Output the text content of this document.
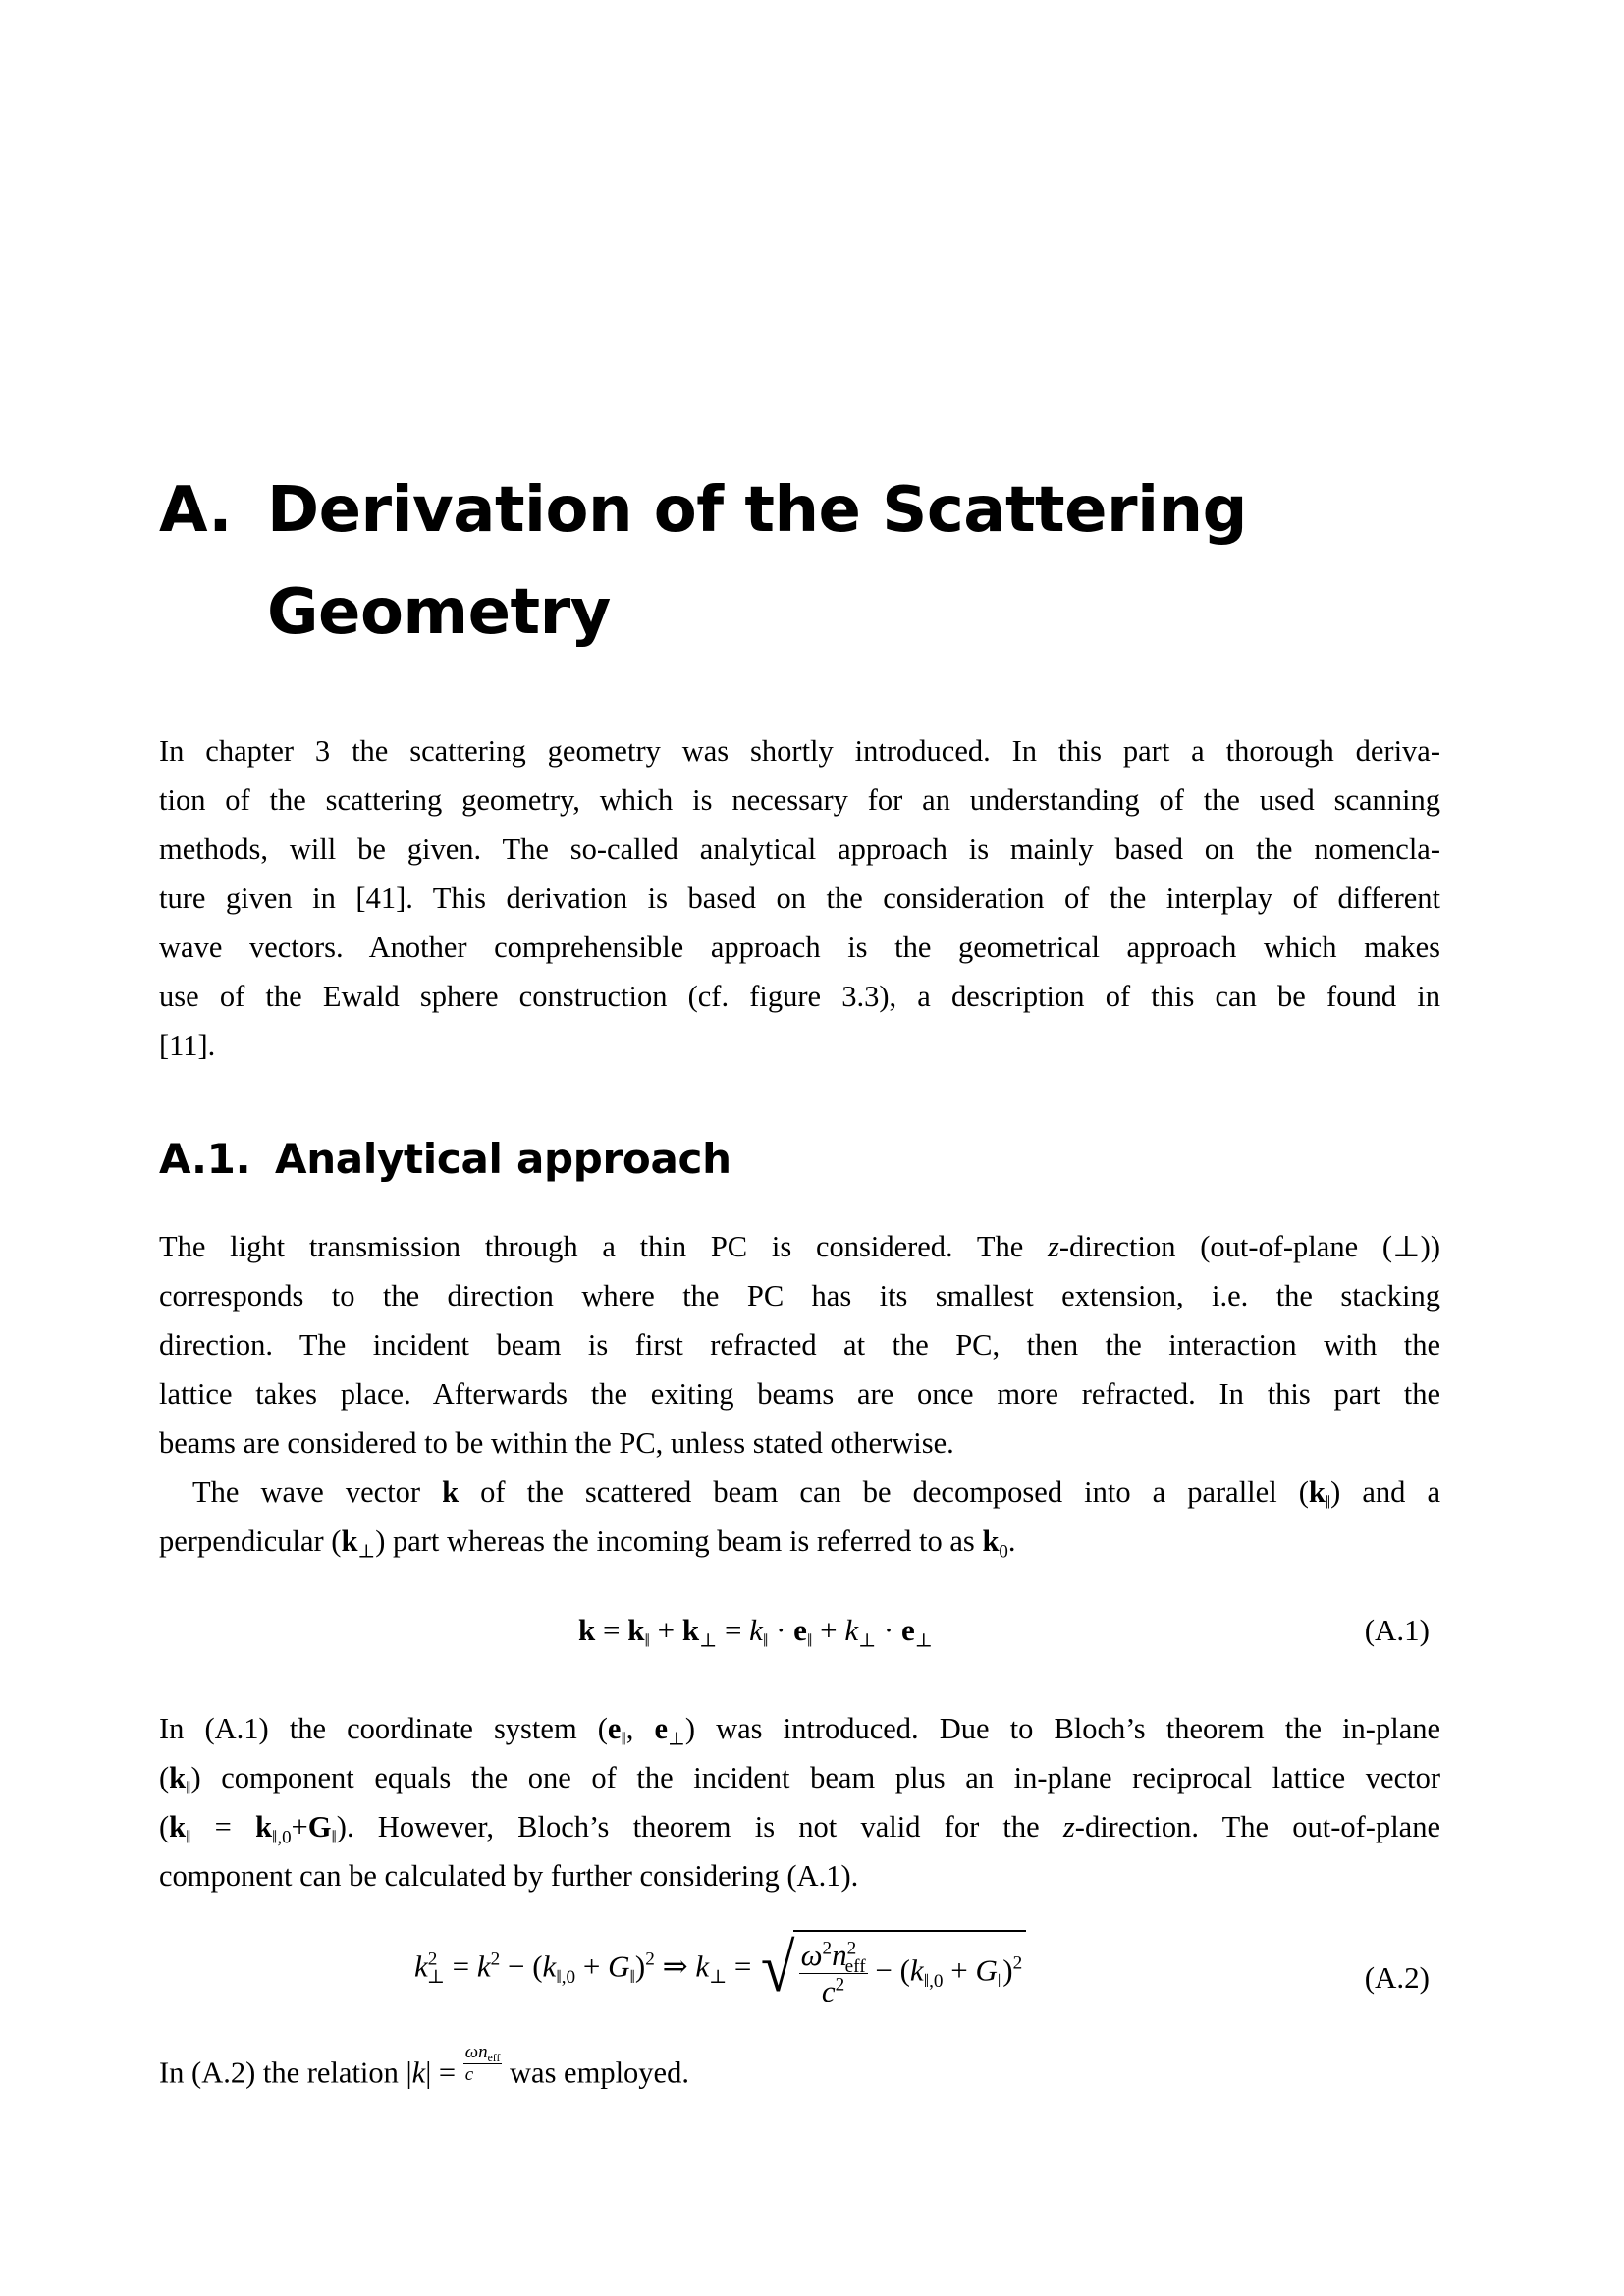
A. Derivation of the Scattering
Geometry
In chapter 3 the scattering geometry was shortly introduced. In this part a thorough deriva-
tion of the scattering geometry, which is necessary for an understanding of the used scanning
methods, will be given. The so-called analytical approach is mainly based on the nomencla-
ture given in [41]. This derivation is based on the consideration of the interplay of different
wave vectors. Another comprehensible approach is the geometrical approach which makes
use of the Ewald sphere construction (cf. figure 3.3), a description of this can be found in
[11].
A.1. Analytical approach
The light transmission through a thin PC is considered. The z-direction (out-of-plane (⊥))
corresponds to the direction where the PC has its smallest extension, i.e. the stacking
direction. The incident beam is first refracted at the PC, then the interaction with the
lattice takes place. Afterwards the exiting beams are once more refracted. In this part the
beams are considered to be within the PC, unless stated otherwise.
The wave vector k of the scattered beam can be decomposed into a parallel $(k_‖)$ and a
perpendicular $(k_\perp)$ part whereas the incoming beam is referred to as $k_0$.
$k = k_‖ + k_\perp = k_‖ \cdot e_‖ + k_\perp \cdot e_\perp$	(A.1)
In (A.1) the coordinate system ($e_‖$, $e_\perp$) was introduced. Due to Bloch’s theorem the in-plane
$(k_‖)$ component equals the one of the incident beam plus an in-plane reciprocal lattice vector
$(k_‖ = k_{‖,0}+G_‖)$. However, Bloch’s theorem is not valid for the z-direction. The out-of-plane
component can be calculated by further considering (A.1).
$k^2_\perp = k^2 - (k_{‖,0} + G_‖)^2$ ⇒ $k_\perp$ = √ $\frac{\omega^2n^2_{eff}}{c^2} - (k_{‖,0} + G_‖)^2$	(A.2)
In (A.2) the relation $|k| = \frac{\omega n_{eff}}{c}$ was employed.
